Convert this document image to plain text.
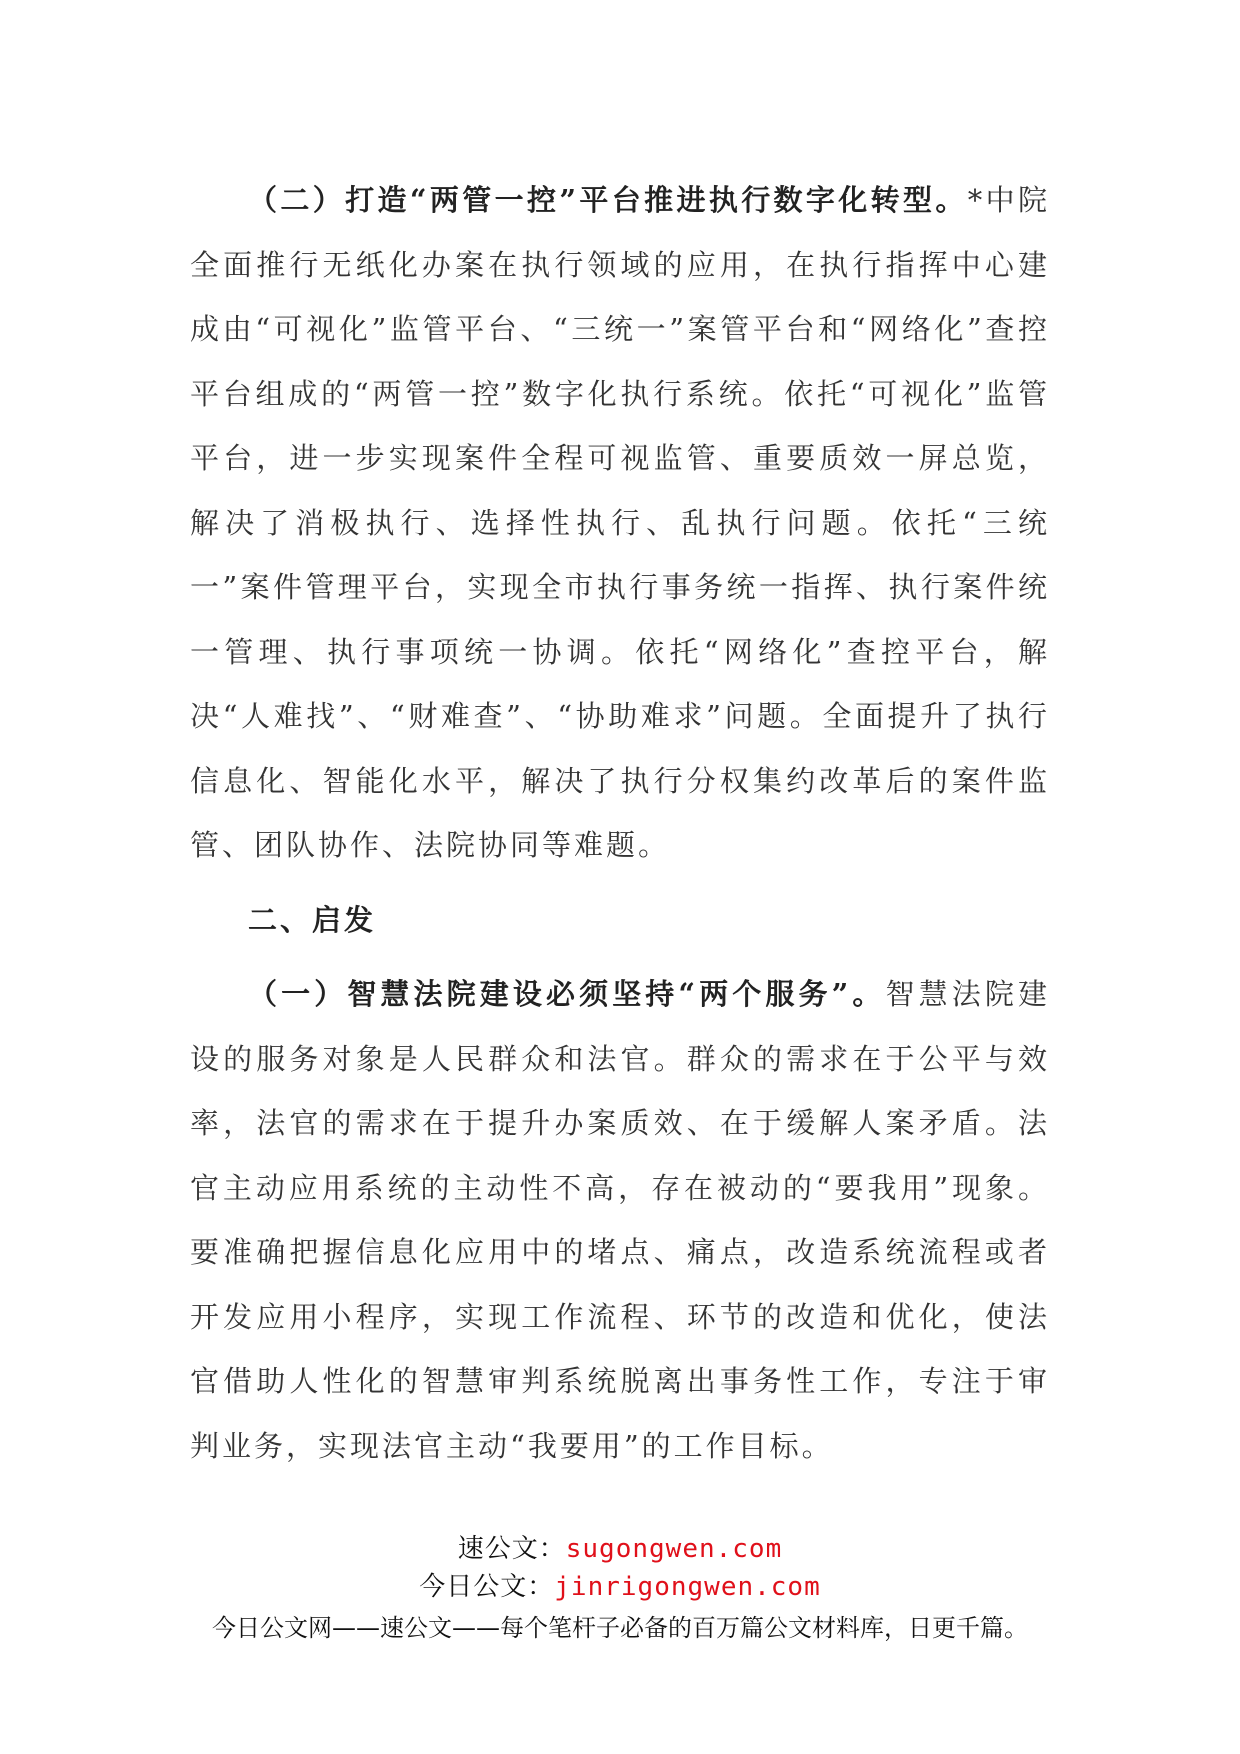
（二）打造“两管一控”平台推进执行数字化转型。*中院全面推行无纸化办案在执行领域的应用，在执行指挥中心建成由“可视化”监管平台、“三统一”案管平台和“网络化”查控平台组成的“两管一控”数字化执行系统。依托“可视化”监管平台，进一步实现案件全程可视监管、重要质效一屏总览，解决了消极执行、选择性执行、乱执行问题。依托“三统一”案件管理平台，实现全市执行事务统一指挥、执行案件统一管理、执行事项统一协调。依托“网络化”查控平台，解决“人难找”、“财难查”、“协助难求”问题。全面提升了执行信息化、智能化水平，解决了执行分权集约改革后的案件监管、团队协作、法院协同等难题。

二、启发

（一）智慧法院建设必须坚持“两个服务”。智慧法院建设的服务对象是人民群众和法官。群众的需求在于公平与效率，法官的需求在于提升办案质效、在于缓解人案矛盾。法官主动应用系统的主动性不高，存在被动的“要我用”现象。要准确把握信息化应用中的堵点、痛点，改造系统流程或者开发应用小程序，实现工作流程、环节的改造和优化，使法官借助人性化的智慧审判系统脱离出事务性工作，专注于审判业务，实现法官主动“我要用”的工作目标。

速公文：sugongwen.com
今日公文：jinrigongwen.com
今日公文网——速公文——每个笔杆子必备的百万篇公文材料库，日更千篇。
